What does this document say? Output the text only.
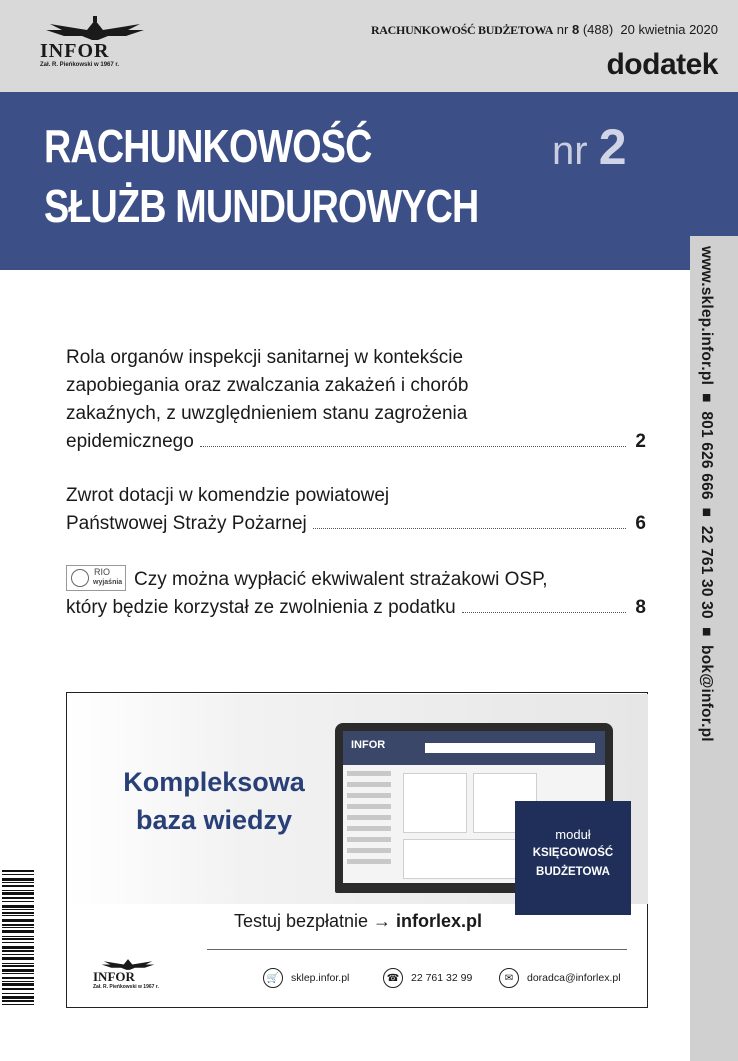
INFOR
Zał. R. Pieńkowski w 1967 r.
RACHUNKOWOŚĆ BUDŻETOWA nr 8 (488) 20 kwietnia 2020
dodatek
RACHUNKOWOŚĆ
SŁUŻB MUNDUROWYCH
nr 2
www.sklep.infor.pl ■ 801 626 666 ■ 22 761 30 30 ■ bok@infor.pl
Rola organów inspekcji sanitarnej w kontekście
zapobiegania oraz zwalczania zakażeń i chorób
zakaźnych, z uwzględnieniem stanu zagrożenia
epidemicznego	2
Zwrot dotacji w komendzie powiatowej
Państwowej Straży Pożarnej	6
RIO
wyjaśnia Czy można wypłacić ekwiwalent strażakowi OSP,
który będzie korzystał ze zwolnienia z podatku	8
Kompleksowa
baza wiedzy
INFOR
moduł
KSIĘGOWOŚĆ
BUDŻETOWA
Testuj bezpłatnie → inforlex.pl
INFOR
Zał. R. Pieńkowski w 1967 r.
🛒	sklep.infor.pl	☎	22 761 32 99	✉	doradca@inforlex.pl
